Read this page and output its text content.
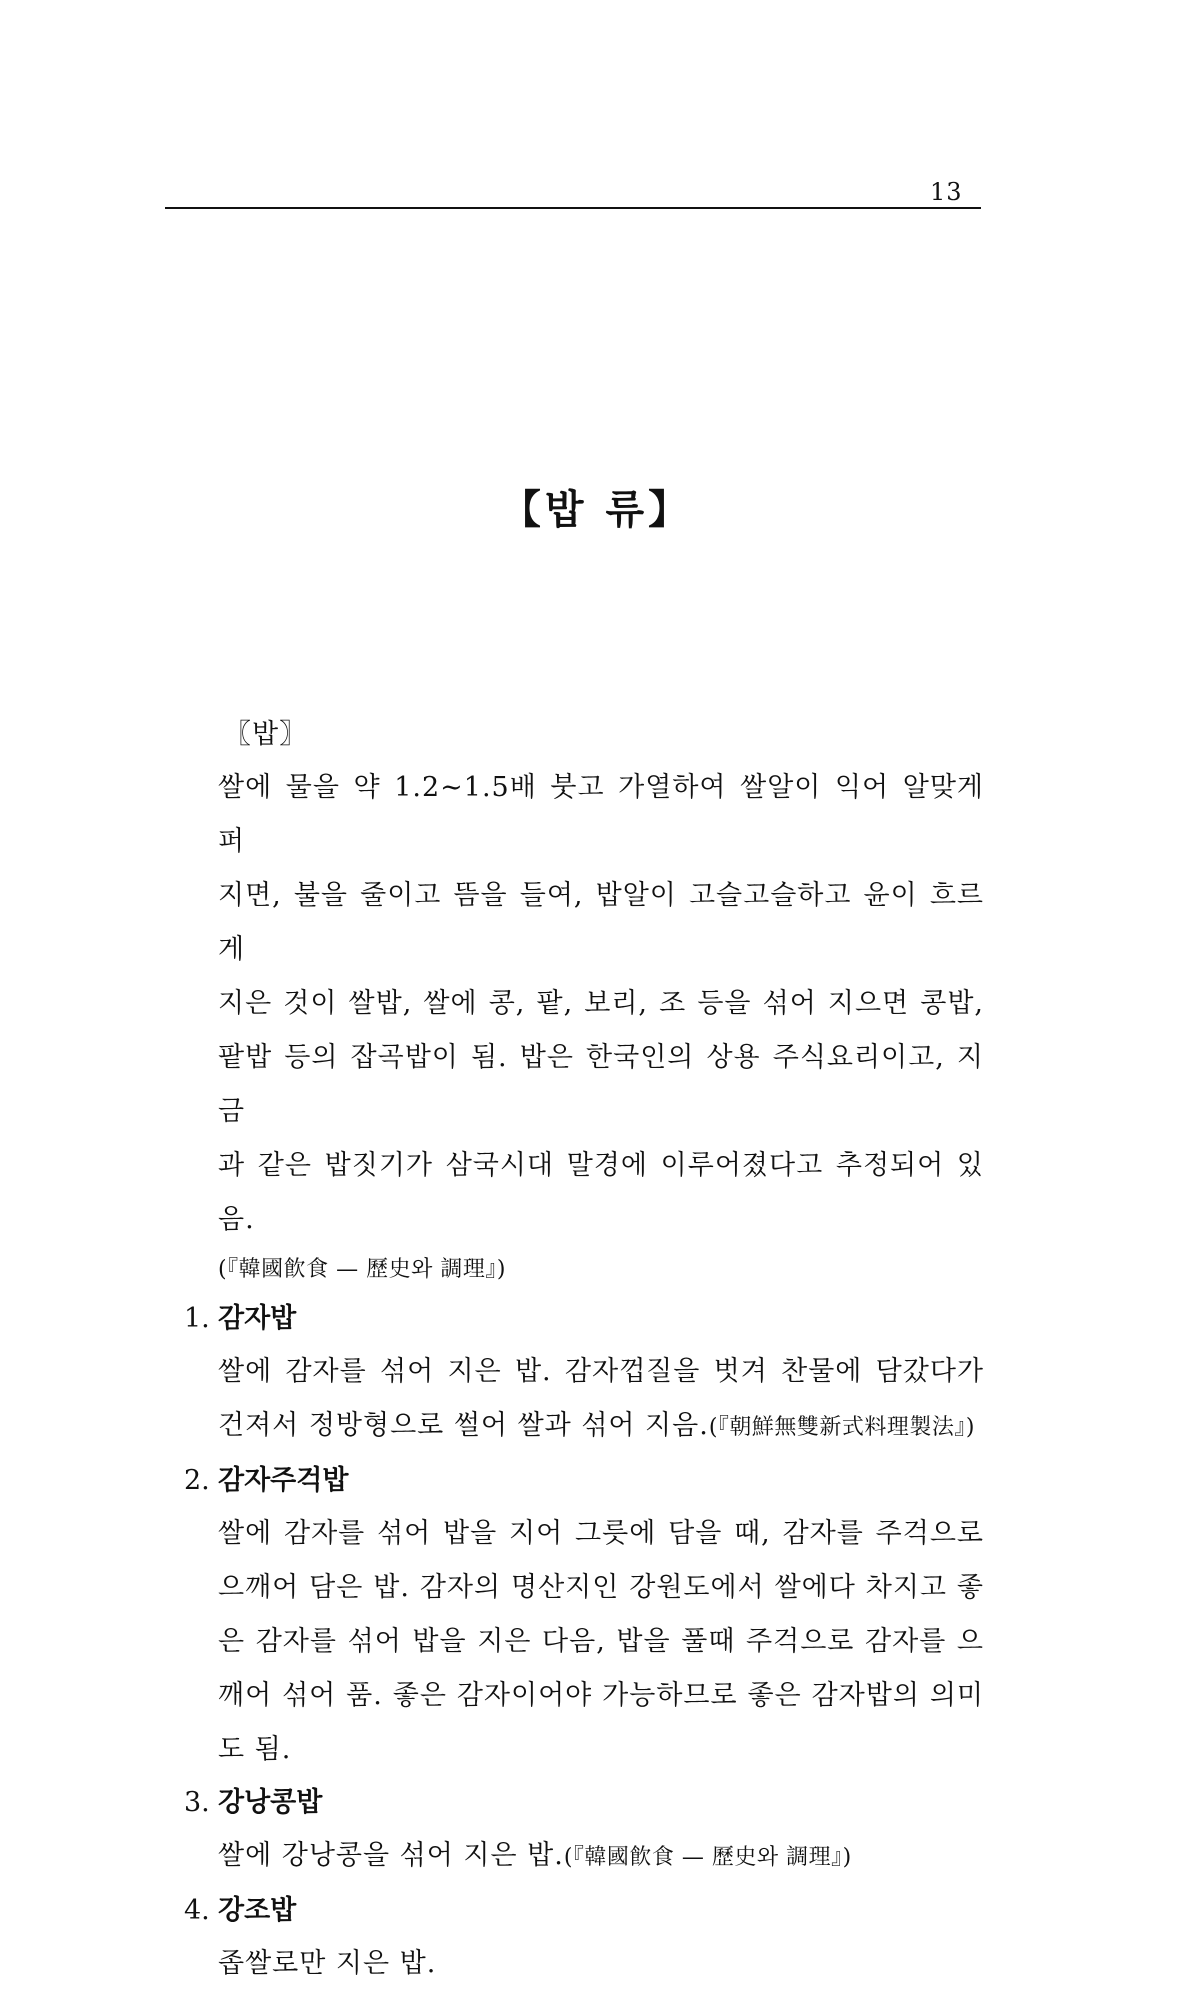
13
【밥 류】
〖밥〗
쌀에 물을 약 1.2∼1.5배 붓고 가열하여 쌀알이 익어 알맞게 퍼
지면, 불을 줄이고 뜸을 들여, 밥알이 고슬고슬하고 윤이 흐르게
지은 것이 쌀밥, 쌀에 콩, 팥, 보리, 조 등을 섞어 지으면 콩밥,
팥밥 등의 잡곡밥이 됨. 밥은 한국인의 상용 주식요리이고, 지금
과 같은 밥짓기가 삼국시대 말경에 이루어졌다고 추정되어 있음.
(『韓國飮食 — 歷史와 調理』)
1. 감자밥
쌀에 감자를 섞어 지은 밥. 감자껍질을 벗겨 찬물에 담갔다가 건져서 정방형으로 썰어 쌀과 섞어 지음.(『朝鮮無雙新式料理製法』)
2. 감자주걱밥
쌀에 감자를 섞어 밥을 지어 그릇에 담을 때, 감자를 주걱으로 으깨어 담은 밥. 감자의 명산지인 강원도에서 쌀에다 차지고 좋은 감자를 섞어 밥을 지은 다음, 밥을 풀때 주걱으로 감자를 으깨어 섞어 품. 좋은 감자이어야 가능하므로 좋은 감자밥의 의미도 됨.
3. 강낭콩밥
쌀에 강낭콩을 섞어 지은 밥.(『韓國飮食 — 歷史와 調理』)
4. 강조밥
좁쌀로만 지은 밥.
